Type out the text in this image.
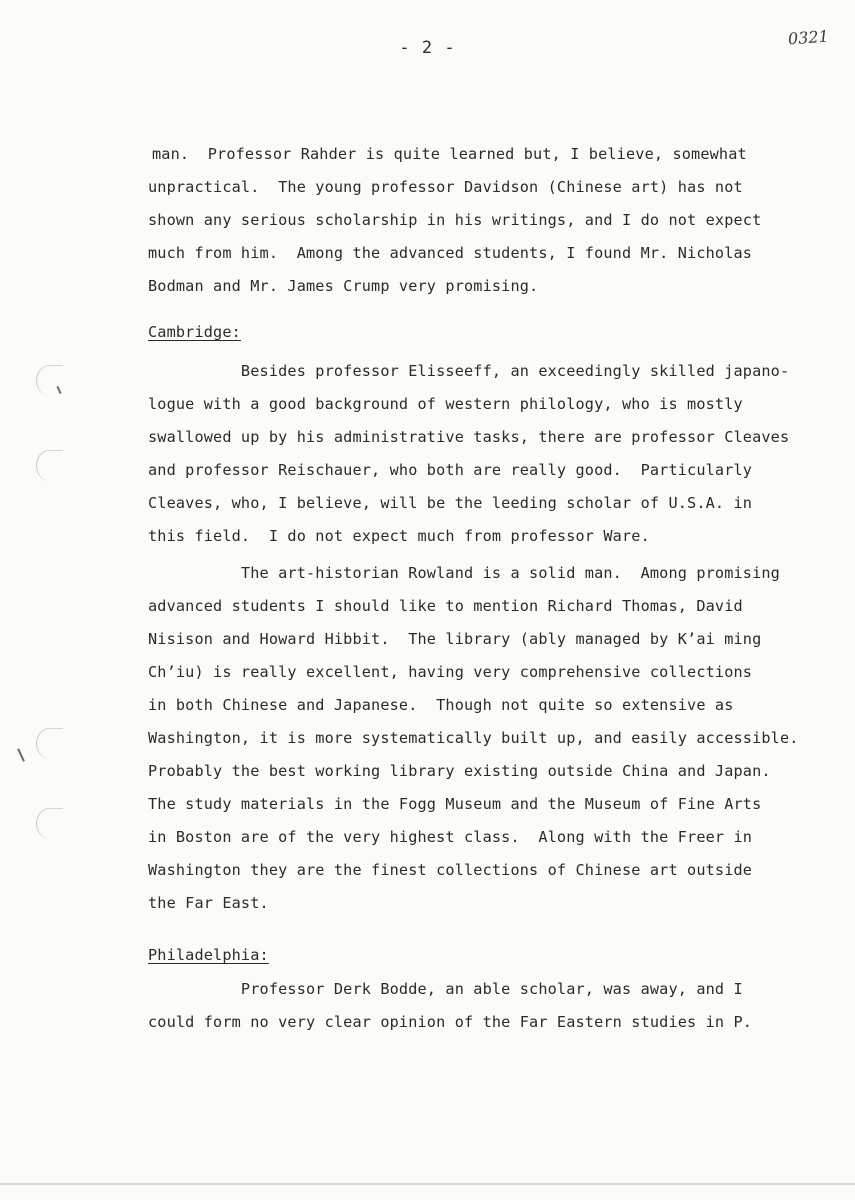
- 2 -	0321
man.  Professor Rahder is quite learned but, I believe, somewhat
unpractical.  The young professor Davidson (Chinese art) has not
shown any serious scholarship in his writings, and I do not expect
much from him.  Among the advanced students, I found Mr. Nicholas
Bodman and Mr. James Crump very promising.
Cambridge:
Besides professor Elisseeff, an exceedingly skilled japano-
logue with a good background of western philology, who is mostly
swallowed up by his administrative tasks, there are professor Cleaves
and professor Reischauer, who both are really good.  Particularly
Cleaves, who, I believe, will be the leeding scholar of U.S.A. in
this field.  I do not expect much from professor Ware.
The art-historian Rowland is a solid man.  Among promising
advanced students I should like to mention Richard Thomas, David
Nisison and Howard Hibbit.  The library (ably managed by K’ai ming
Ch’iu) is really excellent, having very comprehensive collections
in both Chinese and Japanese.  Though not quite so extensive as
Washington, it is more systematically built up, and easily accessible.
Probably the best working library existing outside China and Japan.
The study materials in the Fogg Museum and the Museum of Fine Arts
in Boston are of the very highest class.  Along with the Freer in
Washington they are the finest collections of Chinese art outside
the Far East.
Philadelphia:
Professor Derk Bodde, an able scholar, was away, and I
could form no very clear opinion of the Far Eastern studies in P.
